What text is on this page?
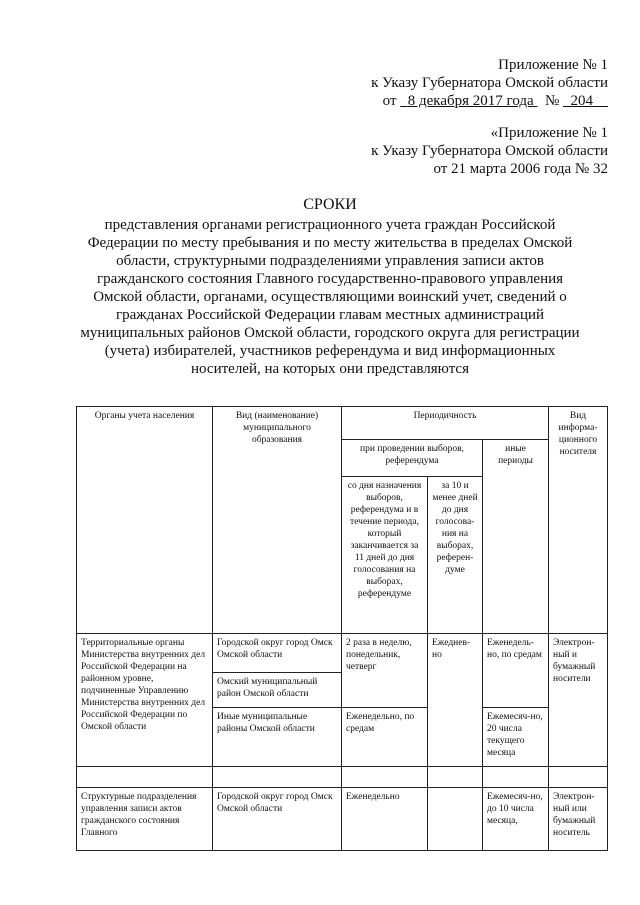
Приложение № 1
к Указу Губернатора Омской области
от 8 декабря 2017 года № 204
«Приложение № 1
к Указу Губернатора Омской области
от 21 марта 2006 года № 32
СРОКИ
представления органами регистрационного учета граждан Российской Федерации по месту пребывания и по месту жительства в пределах Омской области, структурными подразделениями управления записи актов гражданского состояния Главного государственно-правового управления Омской области, органами, осуществляющими воинский учет, сведений о гражданах Российской Федерации главам местных администраций муниципальных районов Омской области, городского округа для регистрации (учета) избирателей, участников референдума и вид информационных носителей, на которых они представляются
Органы учета населения	Вид (наименование) муниципального образования	Периодичность			Вид информа-ционного носителя
		при проведении выборов, референдума		иные периоды	
		со дня назначения выборов, референдума и в течение периода, который заканчивается за 11 дней до дня голосования на выборах, референдуме	за 10 и менее дней до дня голосова-ния на выборах, референ-думе		
Территориальные органы Министерства внутренних дел Российской Федерации на районном уровне, подчиненные Управлению Министерства внутренних дел Российской Федерации по Омской области	Городской округ город Омск Омской области	2 раза в неделю, понедельник, четверг	Ежеднев-но	Еженедель-но, по средам	Электрон-ный и бумажный носители
	Омский муниципальный район Омской области				
	Иные муниципальные районы Омской области	Еженедельно, по средам		Ежемесяч-но, 20 числа текущего месяца	

Структурные подразделения управления записи актов гражданского состояния Главного	Городской округ город Омск Омской области	Еженедельно		Ежемесяч-но, до 10 числа месяца,	Электрон-ный или бумажный носитель
